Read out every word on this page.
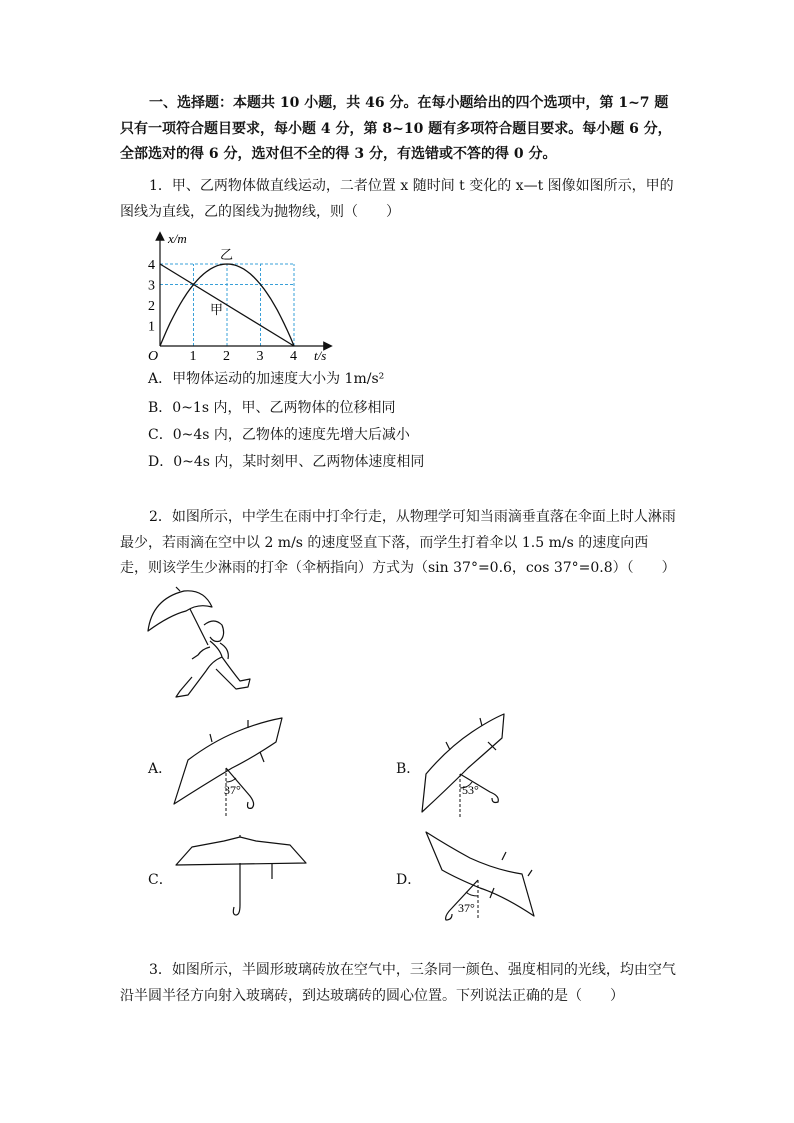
一、选择题：本题共 10 小题，共 46 分。在每小题给出的四个选项中，第 1~7 题只有一项符合题目要求，每小题 4 分，第 8~10 题有多项符合题目要求。每小题 6 分，全部选对的得 6 分，选对但不全的得 3 分，有选错或不答的得 0 分。

1．甲、乙两物体做直线运动，二者位置 x 随时间 t 变化的 x—t 图像如图所示，甲的图线为直线，乙的图线为抛物线，则（　　）

1 2 3 4
1
2
3
4
x/m
t/s
O
乙
甲

A．甲物体运动的加速度大小为 1m/s²

B．0~1s 内，甲、乙两物体的位移相同

C．0~4s 内，乙物体的速度先增大后减小

D．0~4s 内，某时刻甲、乙两物体速度相同

2．如图所示，中学生在雨中打伞行走，从物理学可知当雨滴垂直落在伞面上时人淋雨最少，若雨滴在空中以 2 m/s 的速度竖直下落，而学生打着伞以 1.5 m/s 的速度向西走，则该学生少淋雨的打伞（伞柄指向）方式为（sin 37°=0.6，cos 37°=0.8）（　　）

A．
37°
B．
53°
C．	D．
37°

3．如图所示，半圆形玻璃砖放在空气中，三条同一颜色、强度相同的光线，均由空气沿半圆半径方向射入玻璃砖，到达玻璃砖的圆心位置。下列说法正确的是（　　）
